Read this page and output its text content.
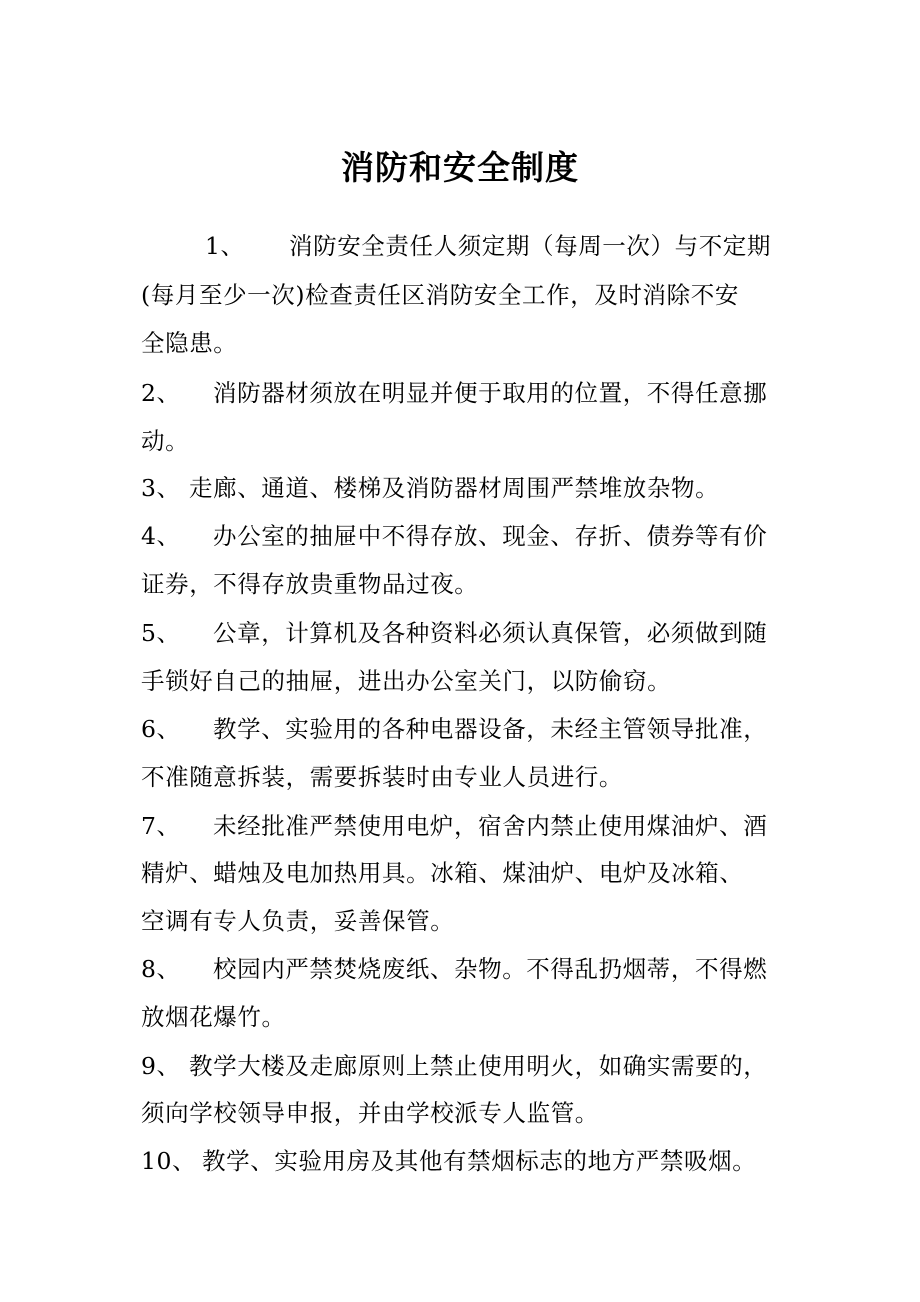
消防和安全制度
1、 消防安全责任人须定期（每周一次）与不定期
(每月至少一次)检查责任区消防安全工作，及时消除不安
全隐患。
2、 消防器材须放在明显并便于取用的位置，不得任意挪
动。
3、 走廊、通道、楼梯及消防器材周围严禁堆放杂物。
4、 办公室的抽屉中不得存放、现金、存折、债券等有价
证券，不得存放贵重物品过夜。
5、 公章，计算机及各种资料必须认真保管，必须做到随
手锁好自己的抽屉，进出办公室关门，以防偷窃。
6、 教学、实验用的各种电器设备，未经主管领导批准，
不准随意拆装，需要拆装时由专业人员进行。
7、 未经批准严禁使用电炉，宿舍内禁止使用煤油炉、酒
精炉、蜡烛及电加热用具。冰箱、煤油炉、电炉及冰箱、
空调有专人负责，妥善保管。
8、 校园内严禁焚烧废纸、杂物。不得乱扔烟蒂，不得燃
放烟花爆竹。
9、 教学大楼及走廊原则上禁止使用明火，如确实需要的，
须向学校领导申报，并由学校派专人监管。
10、 教学、实验用房及其他有禁烟标志的地方严禁吸烟。
